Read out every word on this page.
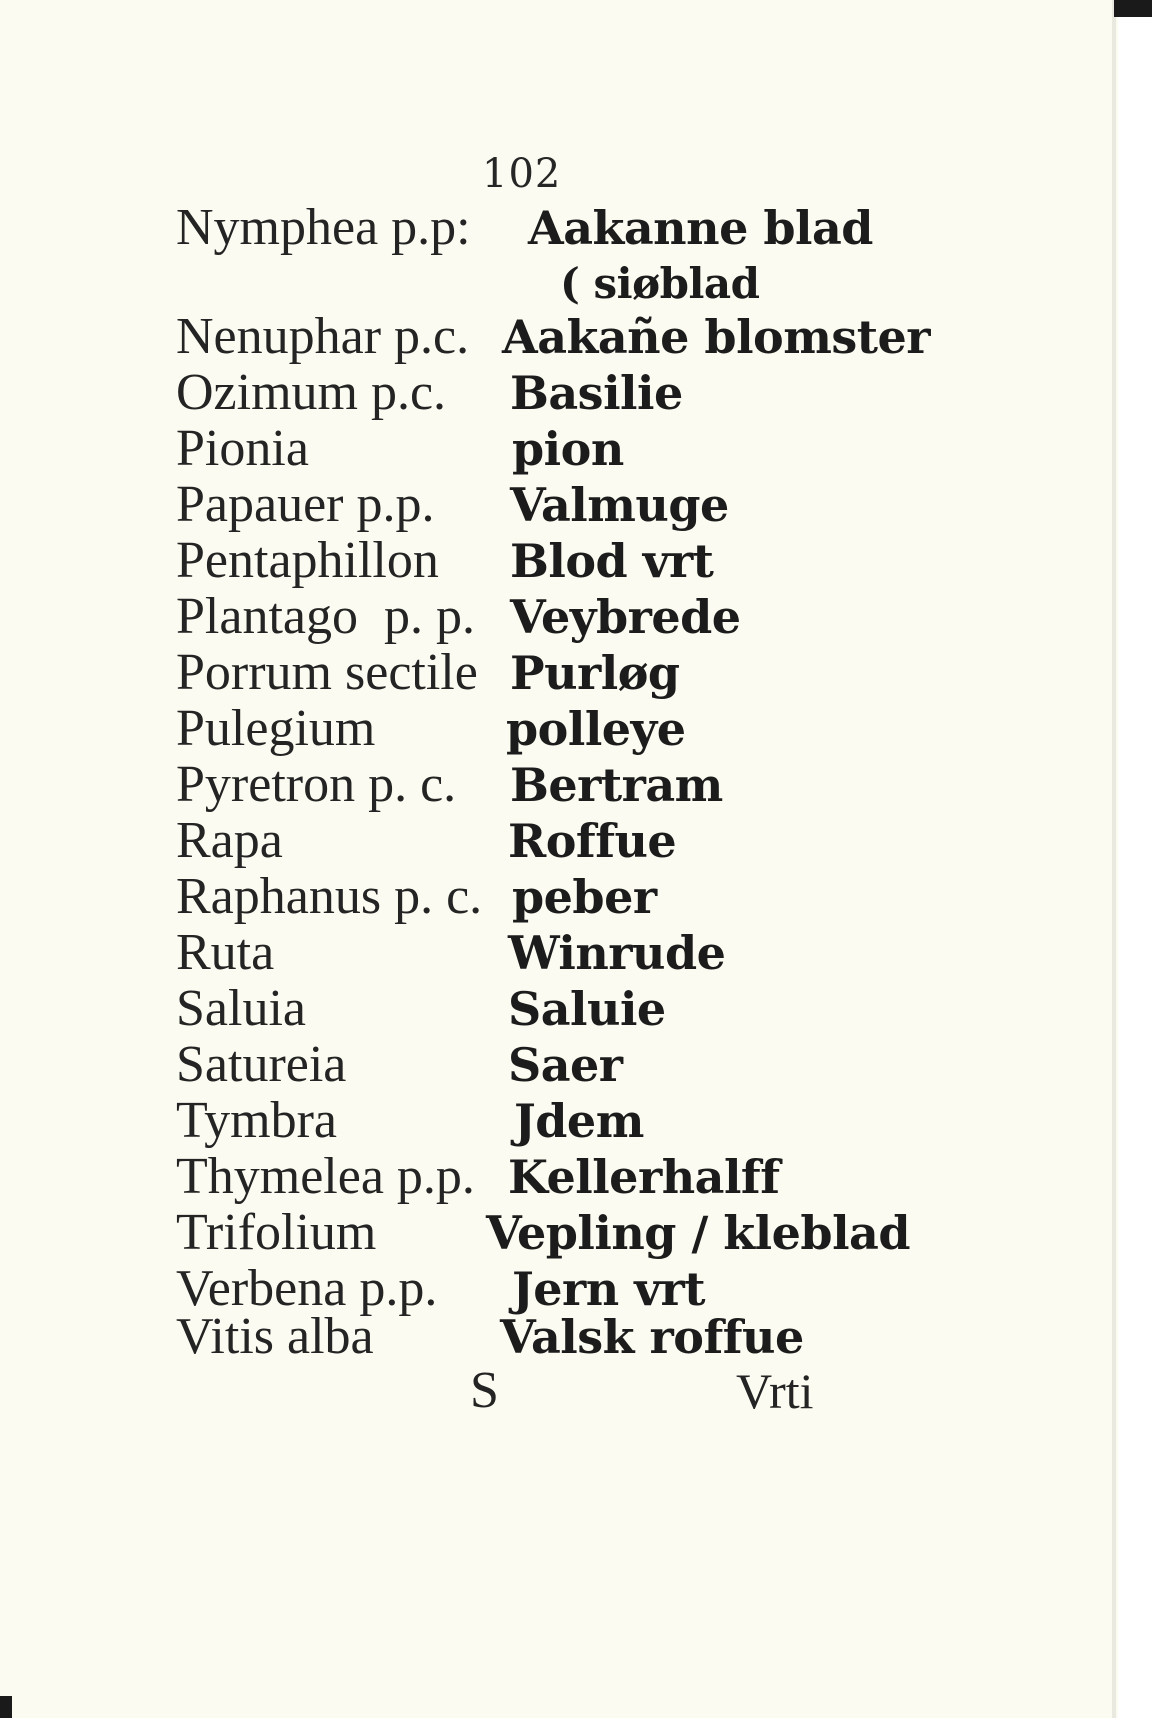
102
Nymphea p.p: Aakanne blad
( siøblad
Nenuphar p.c. Aakañe blomster
Ozimum p.c. Basilie
Pionia	pion
Papauer p.p. Valmuge
Pentaphillon Blod vrt
Plantago  p. p. Veybrede
Porrum sectile Purløg
Pulegium	polleye
Pyretron p. c. Bertram
Rapa	Roffue
Raphanus p. c. peber
Ruta	Winrude
Saluia	Saluie
Satureia	Saer
Tymbra	Jdem
Thymelea p.p. Kellerhalff
Trifolium Vepling / kleblad
Verbena p.p. Jern vrt
Vitis alba	Valsk roffue
S	Vrti
